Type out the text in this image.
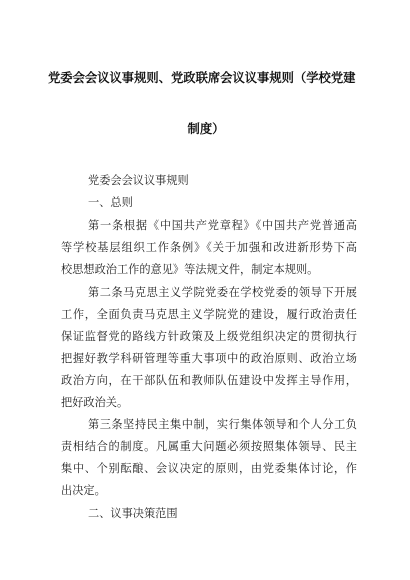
党委会会议议事规则、党政联席会议议事规则（学校党建
制度）
党委会会议议事规则
一、总则
第一条根据《中国共产党章程》《中国共产党普通高
等学校基层组织工作条例》《关于加强和改进新形势下高
校思想政治工作的意见》等法规文件，制定本规则。
第二条马克思主义学院党委在学校党委的领导下开展
工作，全面负责马克思主义学院党的建设，履行政治责任
保证监督党的路线方针政策及上级党组织决定的贯彻执行
把握好教学科研管理等重大事项中的政治原则、政治立场
政治方向，在干部队伍和教师队伍建设中发挥主导作用，
把好政治关。
第三条坚持民主集中制，实行集体领导和个人分工负
责相结合的制度。凡属重大问题必须按照集体领导、民主
集中、个别酝酿、会议决定的原则，由党委集体讨论，作
出决定。
二、议事决策范围
